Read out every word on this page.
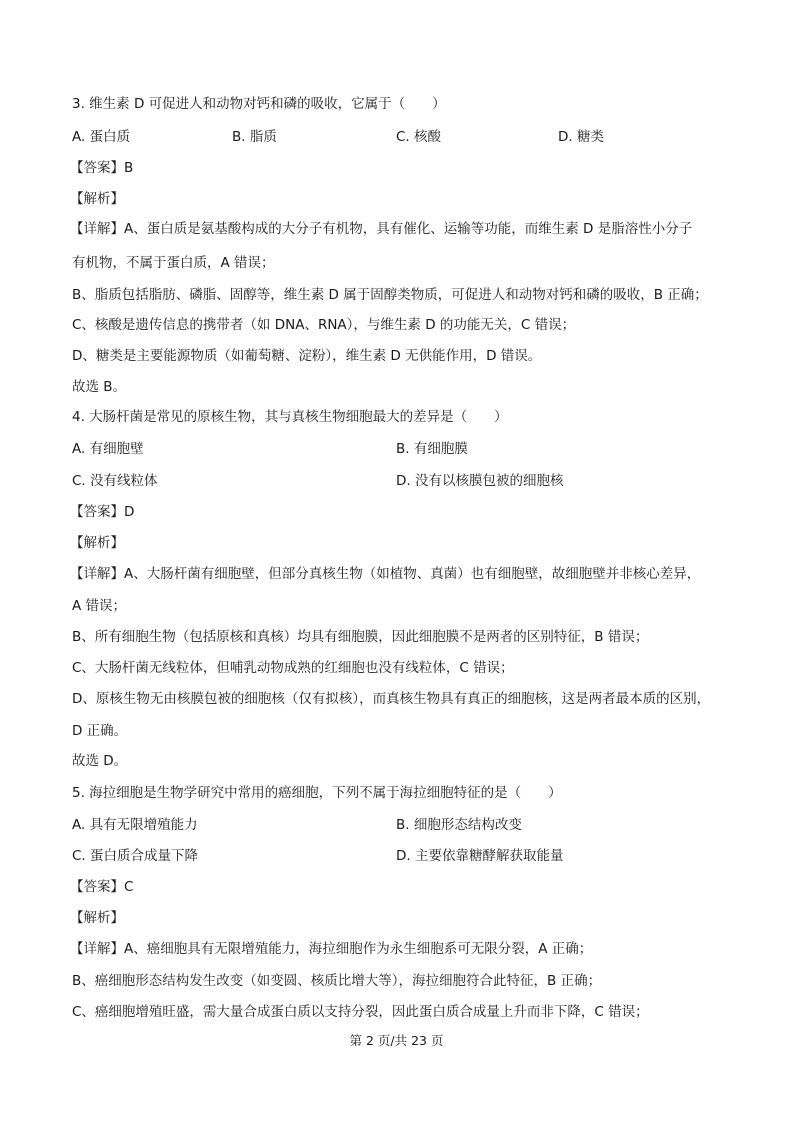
3. 维生素 D 可促进人和动物对钙和磷的吸收，它属于（　　）
A. 蛋白质	B. 脂质	C. 核酸	D. 糖类
【答案】B
【解析】
【详解】A、蛋白质是氨基酸构成的大分子有机物，具有催化、运输等功能，而维生素 D 是脂溶性小分子
有机物，不属于蛋白质，A 错误；
B、脂质包括脂肪、磷脂、固醇等，维生素 D 属于固醇类物质，可促进人和动物对钙和磷的吸收，B 正确；
C、核酸是遗传信息的携带者（如 DNA、RNA），与维生素 D 的功能无关，C 错误；
D、糖类是主要能源物质（如葡萄糖、淀粉），维生素 D 无供能作用，D 错误。
故选 B。
4. 大肠杆菌是常见的原核生物，其与真核生物细胞最大的差异是（　　）
A. 有细胞壁	B. 有细胞膜
C. 没有线粒体	D. 没有以核膜包被的细胞核
【答案】D
【解析】
【详解】A、大肠杆菌有细胞壁，但部分真核生物（如植物、真菌）也有细胞壁，故细胞壁并非核心差异，
A 错误；
B、所有细胞生物（包括原核和真核）均具有细胞膜，因此细胞膜不是两者的区别特征，B 错误；
C、大肠杆菌无线粒体，但哺乳动物成熟的红细胞也没有线粒体，C 错误；
D、原核生物无由核膜包被的细胞核（仅有拟核），而真核生物具有真正的细胞核，这是两者最本质的区别，
D 正确。
故选 D。
5. 海拉细胞是生物学研究中常用的癌细胞，下列不属于海拉细胞特征的是（　　）
A. 具有无限增殖能力	B. 细胞形态结构改变
C. 蛋白质合成量下降	D. 主要依靠糖酵解获取能量
【答案】C
【解析】
【详解】A、癌细胞具有无限增殖能力，海拉细胞作为永生细胞系可无限分裂，A 正确；
B、癌细胞形态结构发生改变（如变圆、核质比增大等），海拉细胞符合此特征，B 正确；
C、癌细胞增殖旺盛，需大量合成蛋白质以支持分裂，因此蛋白质合成量上升而非下降，C 错误；
第 2 页/共 23 页
